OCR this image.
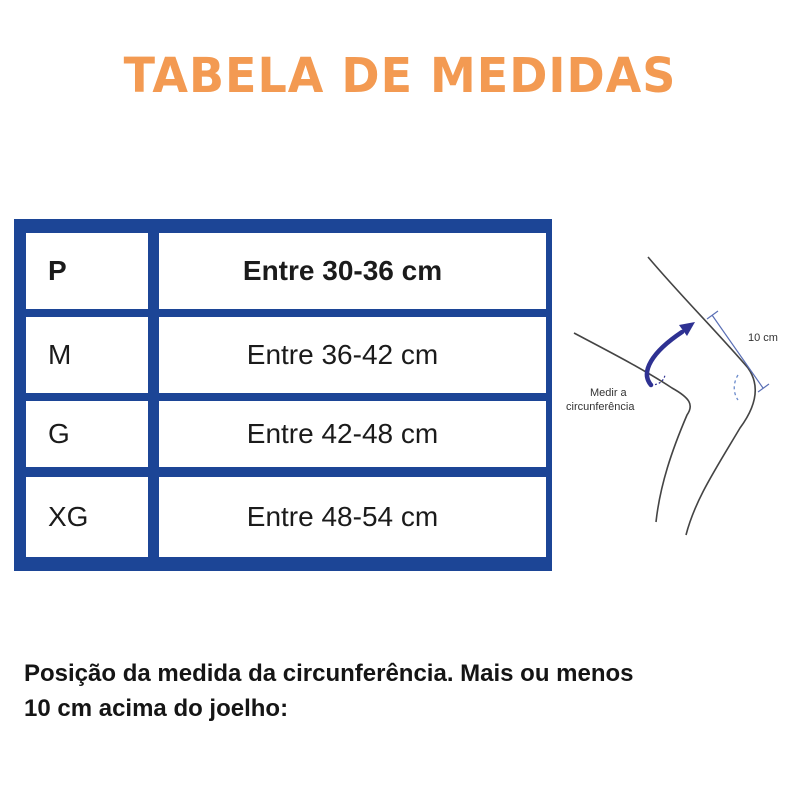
TABELA DE MEDIDAS
P	Entre 30-36 cm
M	Entre 36-42 cm
G	Entre 42-48 cm
XG	Entre 48-54 cm
10 cm
Medir a
circunferência
Posição da medida da circunferência. Mais ou menos
10 cm acima do joelho:
